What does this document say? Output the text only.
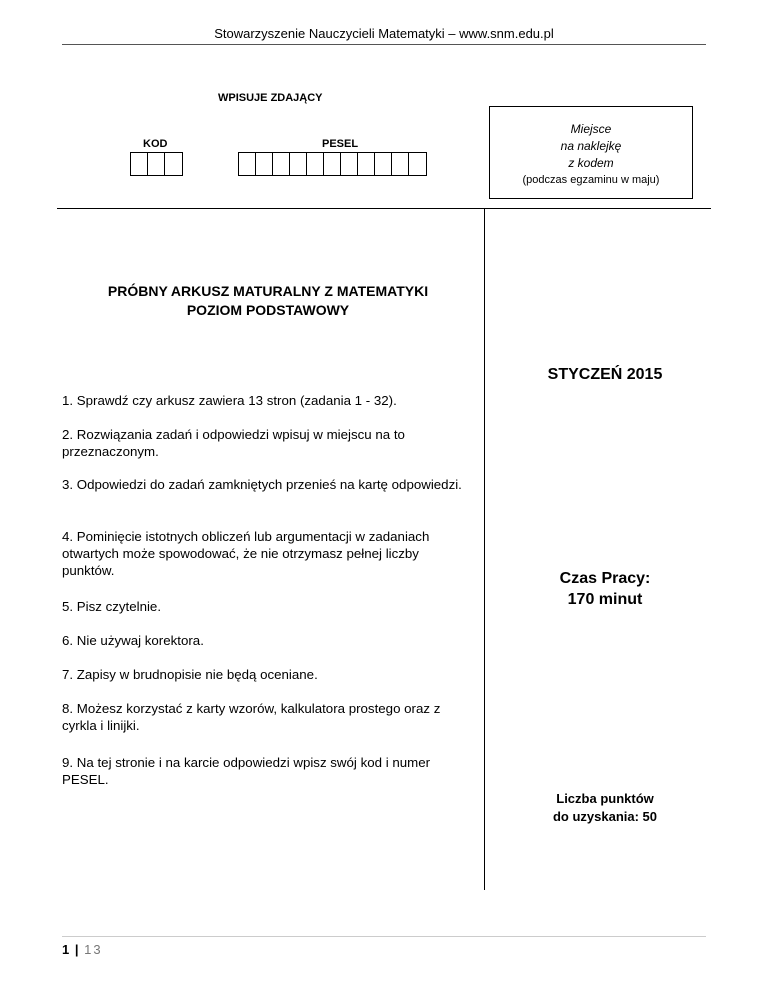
Stowarzyszenie Nauczycieli Matematyki – www.snm.edu.pl
WPISUJE ZDAJĄCY
KOD	PESEL
Miejsce
na naklejkę
z kodem
(podczas egzaminu w maju)
PRÓBNY ARKUSZ MATURALNY Z MATEMATYKI
POZIOM PODSTAWOWY
STYCZEŃ 2015
Czas Pracy:
170 minut
Liczba punktów
do uzyskania: 50
1. Sprawdź czy arkusz zawiera 13 stron (zadania 1 - 32).
2. Rozwiązania zadań i odpowiedzi wpisuj w miejscu na to przeznaczonym.
3. Odpowiedzi do zadań zamkniętych przenieś na kartę odpowiedzi.
4. Pominięcie istotnych obliczeń lub argumentacji w zadaniach otwartych może spowodować, że nie otrzymasz pełnej liczby punktów.
5. Pisz czytelnie.
6. Nie używaj korektora.
7. Zapisy w brudnopisie nie będą oceniane.
8. Możesz korzystać z karty wzorów, kalkulatora prostego oraz z cyrkla i linijki.
9. Na tej stronie i na karcie odpowiedzi wpisz swój kod i numer PESEL.
1 | 13
